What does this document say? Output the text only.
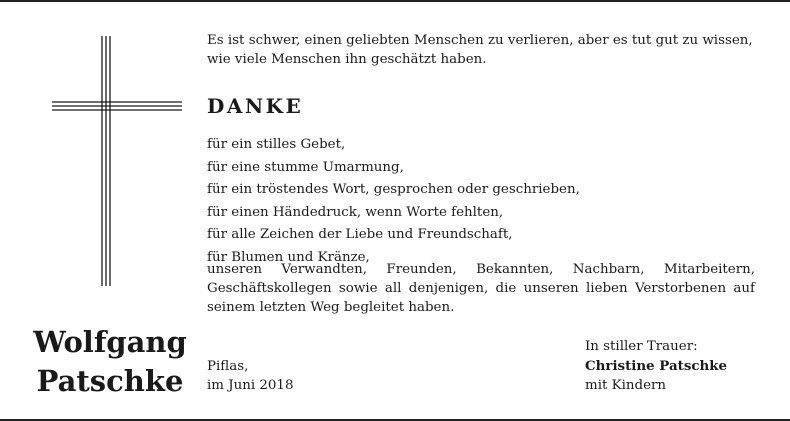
Es ist schwer, einen geliebten Menschen zu verlieren, aber es tut gut zu wissen, wie viele Menschen ihn geschätzt haben.
DANKE
für ein stilles Gebet,
für eine stumme Umarmung,
für ein tröstendes Wort, gesprochen oder geschrieben,
für einen Händedruck, wenn Worte fehlten,
für alle Zeichen der Liebe und Freundschaft,
für Blumen und Kränze,
unseren Verwandten, Freunden, Bekannten, Nachbarn, Mitarbeitern, Geschäftskollegen sowie all denjenigen, die unseren lieben Verstorbenen auf seinem letzten Weg begleitet haben.
Wolfgang
Patschke	Piflas,
im Juni 2018
In stiller Trauer:
Christine Patschke
mit Kindern
